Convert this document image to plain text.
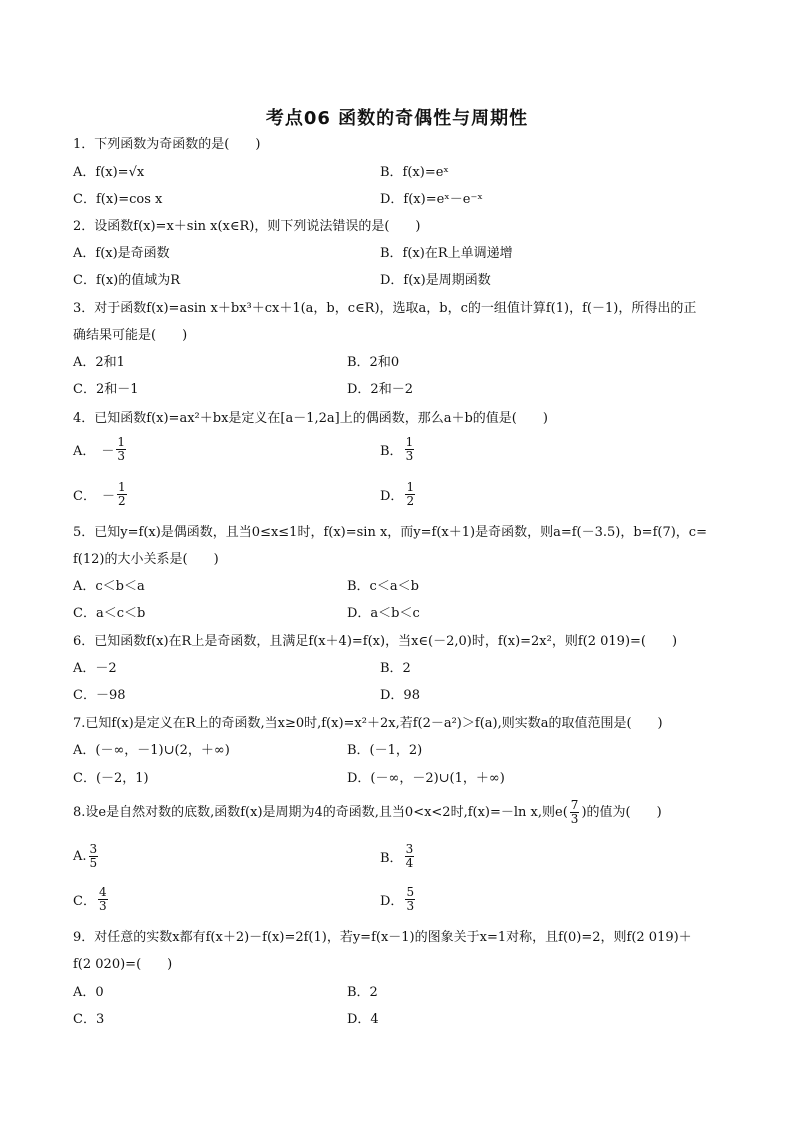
考点06 函数的奇偶性与周期性
1．下列函数为奇函数的是(　　)
A．f(x)=√x	B．f(x)=eˣ
C．f(x)=cos x	D．f(x)=eˣ－e⁻ˣ
2．设函数f(x)=x＋sin x(x∈R)，则下列说法错误的是(　　)
A．f(x)是奇函数	B．f(x)在R上单调递增
C．f(x)的值域为R	D．f(x)是周期函数
3．对于函数f(x)=asin x＋bx³＋cx＋1(a，b，c∈R)，选取a，b，c的一组值计算f(1)，f(－1)，所得出的正
确结果可能是(　　)
A．2和1	B．2和0
C．2和－1	D．2和－2
4．已知函数f(x)=ax²＋bx是定义在[a－1,2a]上的偶函数，那么a＋b的值是(　　)
A． － $\frac{1}{3}$	B． $\frac{1}{3}$
C． － $\frac{1}{2}$	D． $\frac{1}{2}$
5．已知y=f(x)是偶函数，且当0≤x≤1时，f(x)=sin x，而y=f(x＋1)是奇函数，则a=f(－3.5)，b=f(7)，c=
f(12)的大小关系是(　　)
A．c＜b＜a	B．c＜a＜b
C．a＜c＜b	D．a＜b＜c
6．已知函数f(x)在R上是奇函数，且满足f(x＋4)=f(x)，当x∈(－2,0)时，f(x)=2x²，则f(2 019)=(　　)
A．－2	B．2
C．－98	D．98
7.已知f(x)是定义在R上的奇函数,当x≥0时,f(x)=x²＋2x,若f(2－a²)＞f(a),则实数a的取值范围是(　　)
A．(－∞，－1)∪(2，＋∞)	B．(－1，2)
C．(－2，1)	D．(－∞，－2)∪(1，＋∞)
8.设e是自然对数的底数,函数f(x)是周期为4的奇函数,且当0<x<2时,f(x)=－ln x,则$e( \frac{7}{3}$ )的值为(　　)
A. $\frac{3}{5}$	B． $\frac{3}{4}$
C． $\frac{4}{3}$	D． $\frac{5}{3}$
9．对任意的实数x都有f(x＋2)－f(x)=2f(1)，若y=f(x－1)的图象关于x=1对称，且f(0)=2，则f(2 019)＋
f(2 020)=(　　)
A．0	B．2
C．3	D．4
